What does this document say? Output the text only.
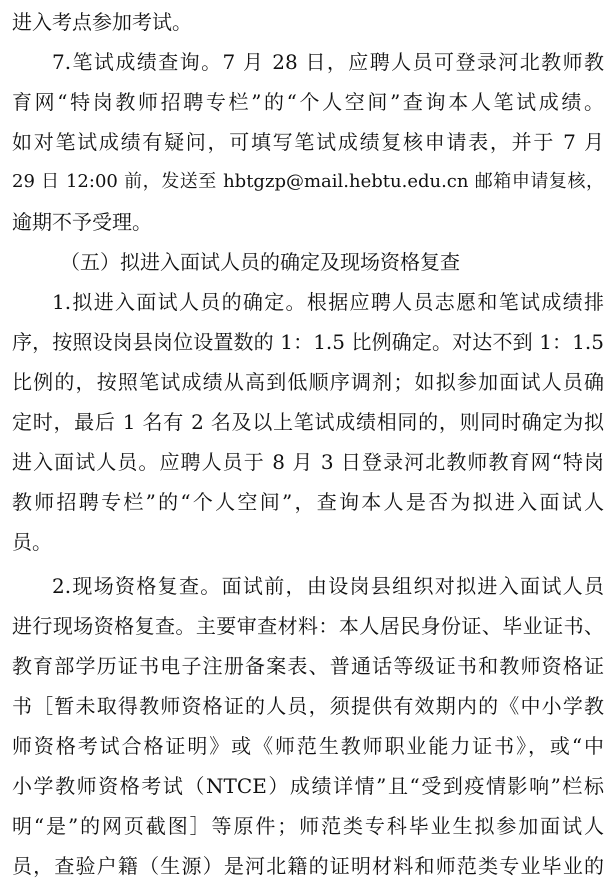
进入考点参加考试。
7.笔试成绩查询。7 月 28 日，应聘人员可登录河北教师教
育网“特岗教师招聘专栏”的“个人空间”查询本人笔试成绩。
如对笔试成绩有疑问，可填写笔试成绩复核申请表，并于 7 月
29 日 12:00 前，发送至 hbtgzp@mail.hebtu.edu.cn 邮箱申请复核，
逾期不予受理。
（五）拟进入面试人员的确定及现场资格复查
1.拟进入面试人员的确定。根据应聘人员志愿和笔试成绩排
序，按照设岗县岗位设置数的 1：1.5 比例确定。对达不到 1：1.5
比例的，按照笔试成绩从高到低顺序调剂；如拟参加面试人员确
定时，最后 1 名有 2 名及以上笔试成绩相同的，则同时确定为拟
进入面试人员。应聘人员于 8 月 3 日登录河北教师教育网“特岗
教师招聘专栏”的“个人空间”，查询本人是否为拟进入面试人
员。
2.现场资格复查。面试前，由设岗县组织对拟进入面试人员
进行现场资格复查。主要审查材料：本人居民身份证、毕业证书、
教育部学历证书电子注册备案表、普通话等级证书和教师资格证
书［暂未取得教师资格证的人员，须提供有效期内的《中小学教
师资格考试合格证明》或《师范生教师职业能力证书》，或“中
小学教师资格考试（NTCE）成绩详情”且“受到疫情影响”栏标
明“是”的网页截图］等原件；师范类专科毕业生拟参加面试人
员，查验户籍（生源）是河北籍的证明材料和师范类专业毕业的
